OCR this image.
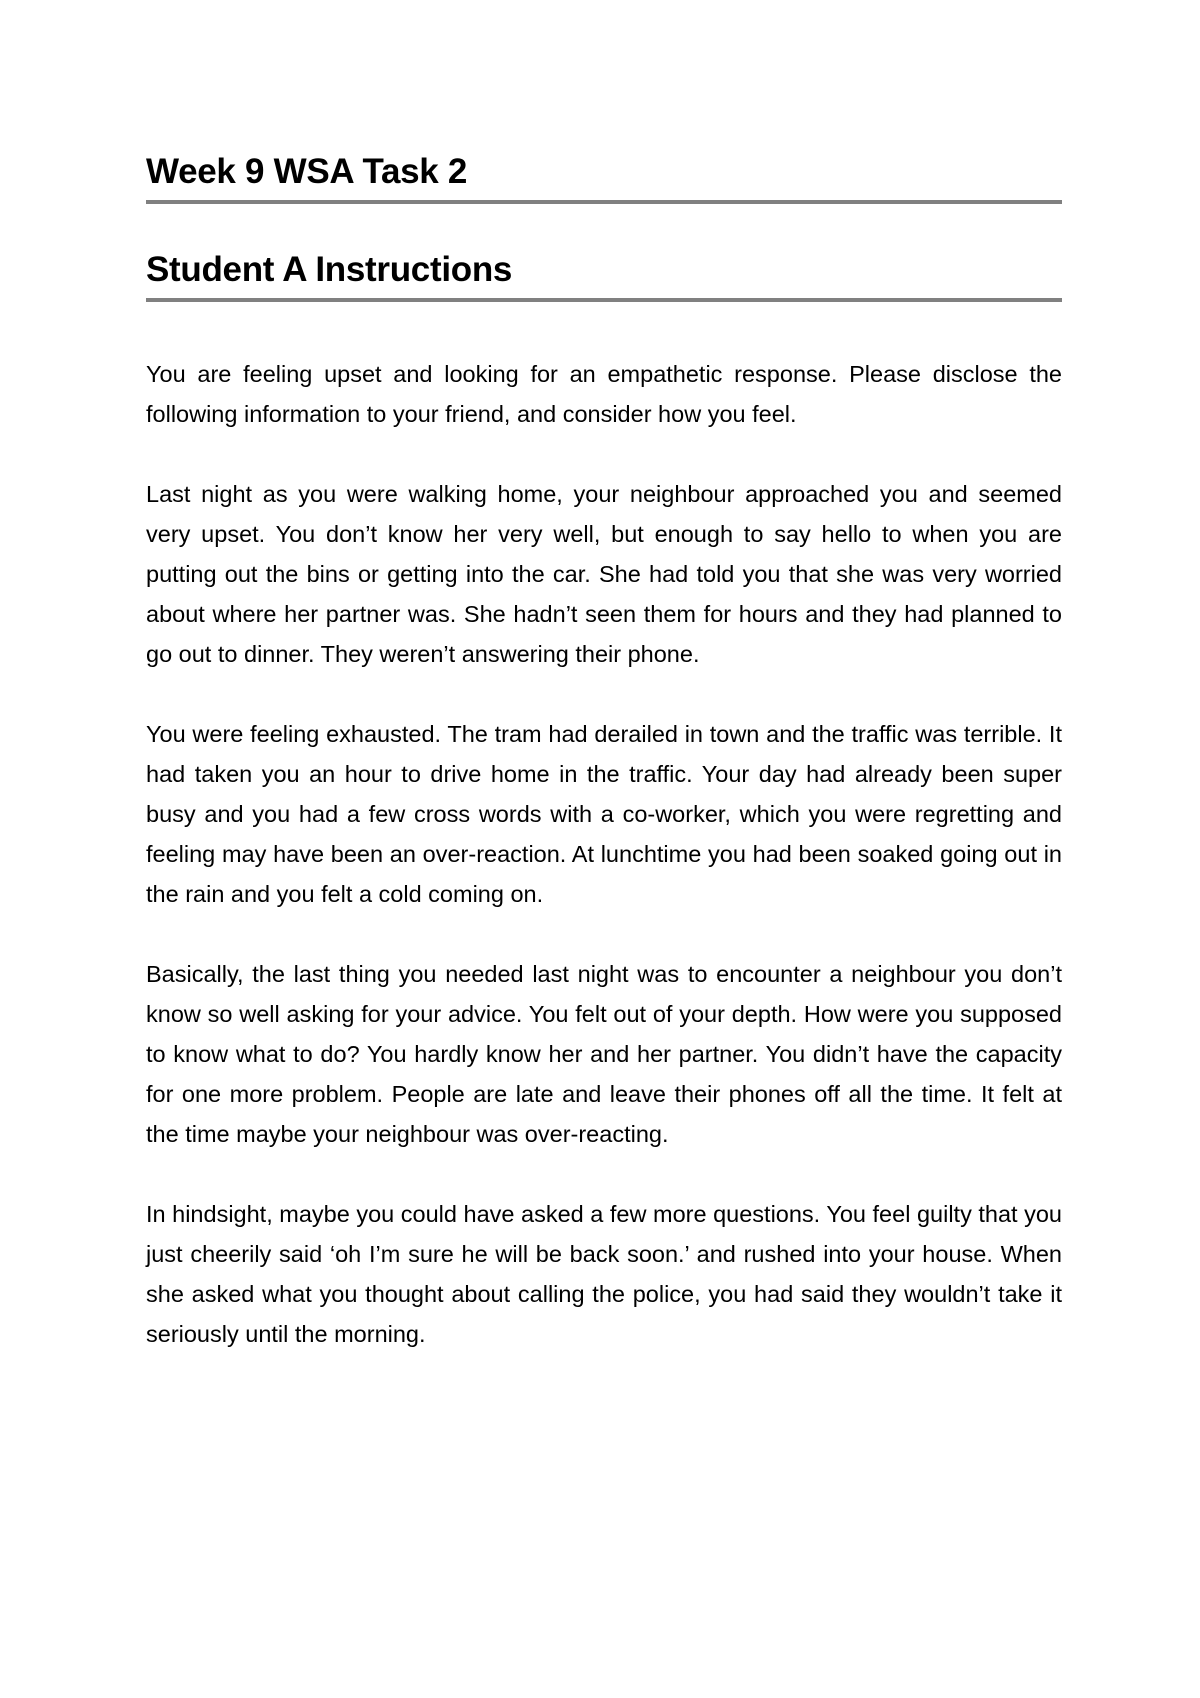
Week 9 WSA Task 2
Student A Instructions

You are feeling upset and looking for an empathetic response. Please disclose the following information to your friend, and consider how you feel.

Last night as you were walking home, your neighbour approached you and seemed very upset. You don’t know her very well, but enough to say hello to when you are putting out the bins or getting into the car. She had told you that she was very worried about where her partner was. She hadn’t seen them for hours and they had planned to go out to dinner. They weren’t answering their phone.

You were feeling exhausted. The tram had derailed in town and the traffic was terrible. It had taken you an hour to drive home in the traffic. Your day had already been super busy and you had a few cross words with a co-worker, which you were regretting and feeling may have been an over-reaction. At lunchtime you had been soaked going out in the rain and you felt a cold coming on.

Basically, the last thing you needed last night was to encounter a neighbour you don’t know so well asking for your advice. You felt out of your depth. How were you supposed to know what to do? You hardly know her and her partner. You didn’t have the capacity for one more problem. People are late and leave their phones off all the time. It felt at the time maybe your neighbour was over-reacting.

In hindsight, maybe you could have asked a few more questions. You feel guilty that you just cheerily said ‘oh I’m sure he will be back soon.’ and rushed into your house. When she asked what you thought about calling the police, you had said they wouldn’t take it seriously until the morning.
